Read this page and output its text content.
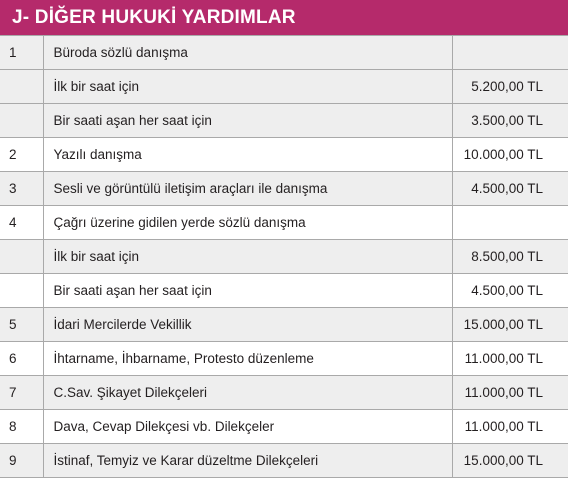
J- DİĞER HUKUKİ YARDIMLAR
1	Büroda sözlü danışma	
	İlk bir saat için	5.200,00 TL
	Bir saati aşan her saat için	3.500,00 TL
2	Yazılı danışma	10.000,00 TL
3	Sesli ve görüntülü iletişim araçları ile danışma	4.500,00 TL
4	Çağrı üzerine gidilen yerde sözlü danışma	
	İlk bir saat için	8.500,00 TL
	Bir saati aşan her saat için	4.500,00 TL
5	İdari Mercilerde Vekillik	15.000,00 TL
6	İhtarname, İhbarname, Protesto düzenleme	11.000,00 TL
7	C.Sav. Şikayet Dilekçeleri	11.000,00 TL
8	Dava, Cevap Dilekçesi vb. Dilekçeler	11.000,00 TL
9	İstinaf, Temyiz ve Karar düzeltme Dilekçeleri	15.000,00 TL
